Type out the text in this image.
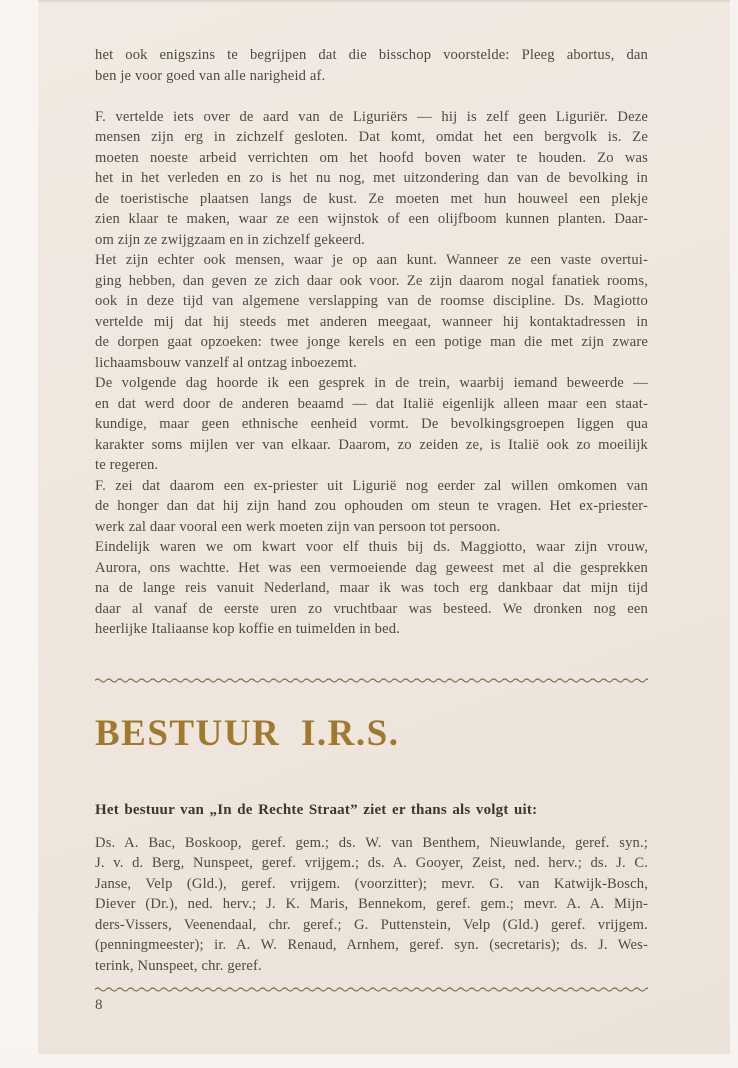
het ook enigszins te begrijpen dat die bisschop voorstelde: Pleeg abortus, dan
ben je voor goed van alle narigheid af.
F. vertelde iets over de aard van de Liguriërs — hij is zelf geen Liguriër. Deze
mensen zijn erg in zichzelf gesloten. Dat komt, omdat het een bergvolk is. Ze
moeten noeste arbeid verrichten om het hoofd boven water te houden. Zo was
het in het verleden en zo is het nu nog, met uitzondering dan van de bevolking in
de toeristische plaatsen langs de kust. Ze moeten met hun houweel een plekje
zien klaar te maken, waar ze een wijnstok of een olijfboom kunnen planten. Daar-
om zijn ze zwijgzaam en in zichzelf gekeerd.
Het zijn echter ook mensen, waar je op aan kunt. Wanneer ze een vaste overtui-
ging hebben, dan geven ze zich daar ook voor. Ze zijn daarom nogal fanatiek rooms,
ook in deze tijd van algemene verslapping van de roomse discipline. Ds. Magiotto
vertelde mij dat hij steeds met anderen meegaat, wanneer hij kontaktadressen in
de dorpen gaat opzoeken: twee jonge kerels en een potige man die met zijn zware
lichaamsbouw vanzelf al ontzag inboezemt.
De volgende dag hoorde ik een gesprek in de trein, waarbij iemand beweerde —
en dat werd door de anderen beaamd — dat Italië eigenlijk alleen maar een staat-
kundige, maar geen ethnische eenheid vormt. De bevolkingsgroepen liggen qua
karakter soms mijlen ver van elkaar. Daarom, zo zeiden ze, is Italië ook zo moeilijk
te regeren.
F. zei dat daarom een ex-priester uit Ligurië nog eerder zal willen omkomen van
de honger dan dat hij zijn hand zou ophouden om steun te vragen. Het ex-priester-
werk zal daar vooral een werk moeten zijn van persoon tot persoon.
Eindelijk waren we om kwart voor elf thuis bij ds. Maggiotto, waar zijn vrouw,
Aurora, ons wachtte. Het was een vermoeiende dag geweest met al die gesprekken
na de lange reis vanuit Nederland, maar ik was toch erg dankbaar dat mijn tijd
daar al vanaf de eerste uren zo vruchtbaar was besteed. We dronken nog een
heerlijke Italiaanse kop koffie en tuimelden in bed.
BESTUUR I.R.S.
Het bestuur van „In de Rechte Straat” ziet er thans als volgt uit:
Ds. A. Bac, Boskoop, geref. gem.; ds. W. van Benthem, Nieuwlande, geref. syn.;
J. v. d. Berg, Nunspeet, geref. vrijgem.; ds. A. Gooyer, Zeist, ned. herv.; ds. J. C.
Janse, Velp (Gld.), geref. vrijgem. (voorzitter); mevr. G. van Katwijk-Bosch,
Diever (Dr.), ned. herv.; J. K. Maris, Bennekom, geref. gem.; mevr. A. A. Mijn-
ders-Vissers, Veenendaal, chr. geref.; G. Puttenstein, Velp (Gld.) geref. vrijgem.
(penningmeester); ir. A. W. Renaud, Arnhem, geref. syn. (secretaris); ds. J. Wes-
terink, Nunspeet, chr. geref.
8
